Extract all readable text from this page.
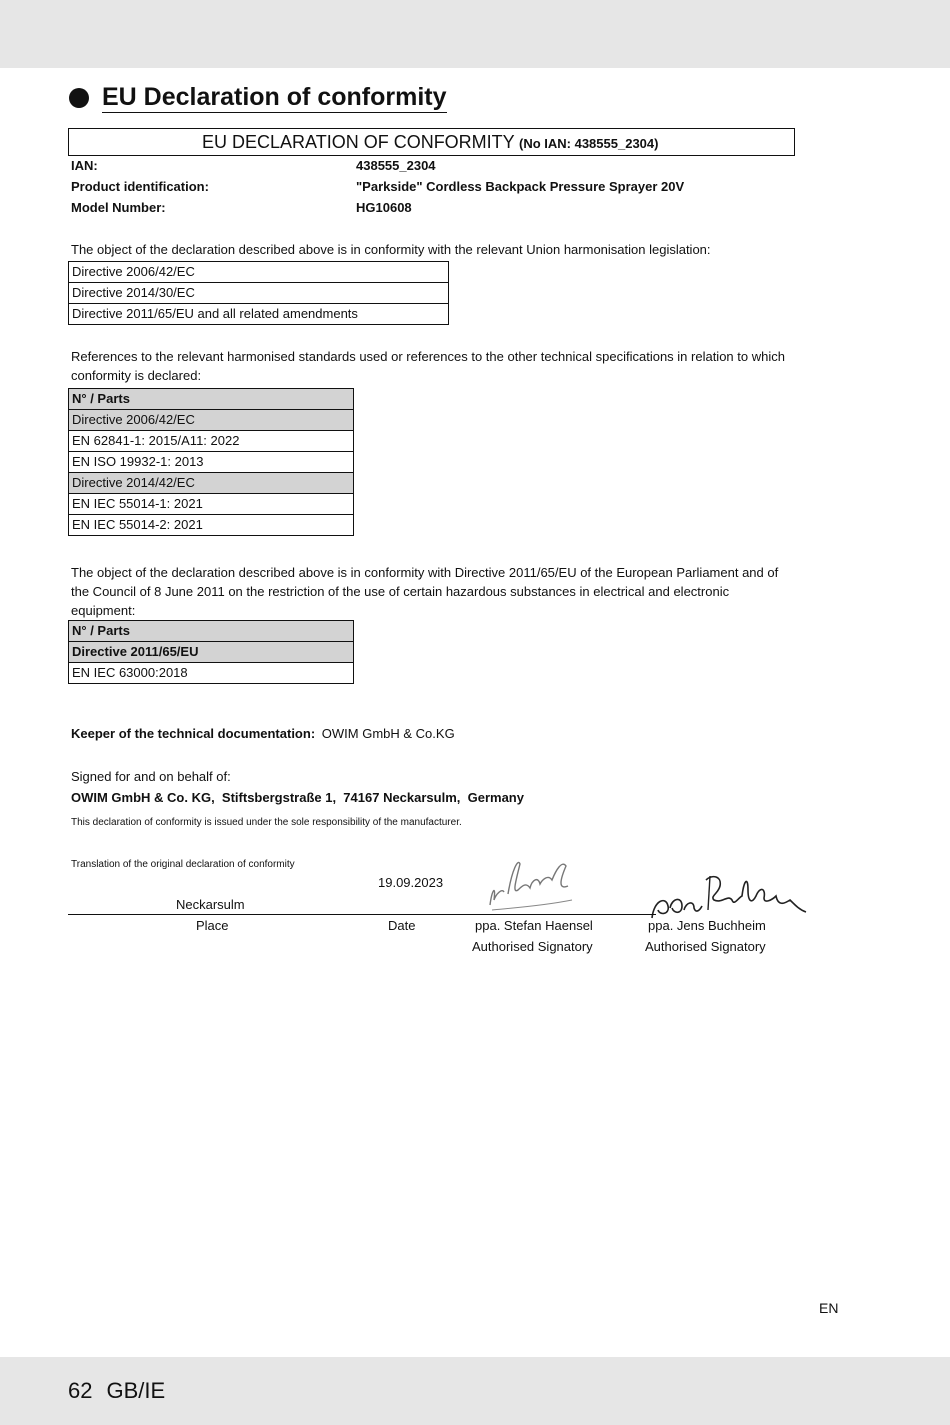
EU Declaration of conformity
EU DECLARATION OF CONFORMITY (No IAN: 438555_2304)
IAN:	438555_2304
Product identification:	"Parkside" Cordless Backpack Pressure Sprayer 20V
Model Number:	HG10608
The object of the declaration described above is in conformity with the relevant Union harmonisation legislation:
Directive 2006/42/EC
Directive 2014/30/EC
Directive 2011/65/EU and all related amendments
References to the relevant harmonised standards used or references to the other technical specifications in relation to which conformity is declared:
N° / Parts
Directive 2006/42/EC
EN 62841-1: 2015/A11: 2022
EN ISO 19932-1: 2013
Directive 2014/42/EC
EN IEC 55014-1: 2021
EN IEC 55014-2: 2021
The object of the declaration described above is in conformity with Directive 2011/65/EU of the European Parliament and of the Council of 8 June 2011 on the restriction of the use of certain hazardous substances in electrical and electronic equipment:
N° / Parts
Directive 2011/65/EU
EN IEC 63000:2018
Keeper of the technical documentation: OWIM GmbH & Co.KG
Signed for and on behalf of:
OWIM GmbH & Co. KG,  Stiftsbergstraße 1,  74167 Neckarsulm,  Germany
This declaration of conformity is issued under the sole responsibility of the manufacturer.
Translation of the original declaration of conformity
19.09.2023
Neckarsulm
Place	Date	ppa. Stefan Haensel
Authorised Signatory
ppa. Jens Buchheim
Authorised Signatory
EN
62 GB/IE
